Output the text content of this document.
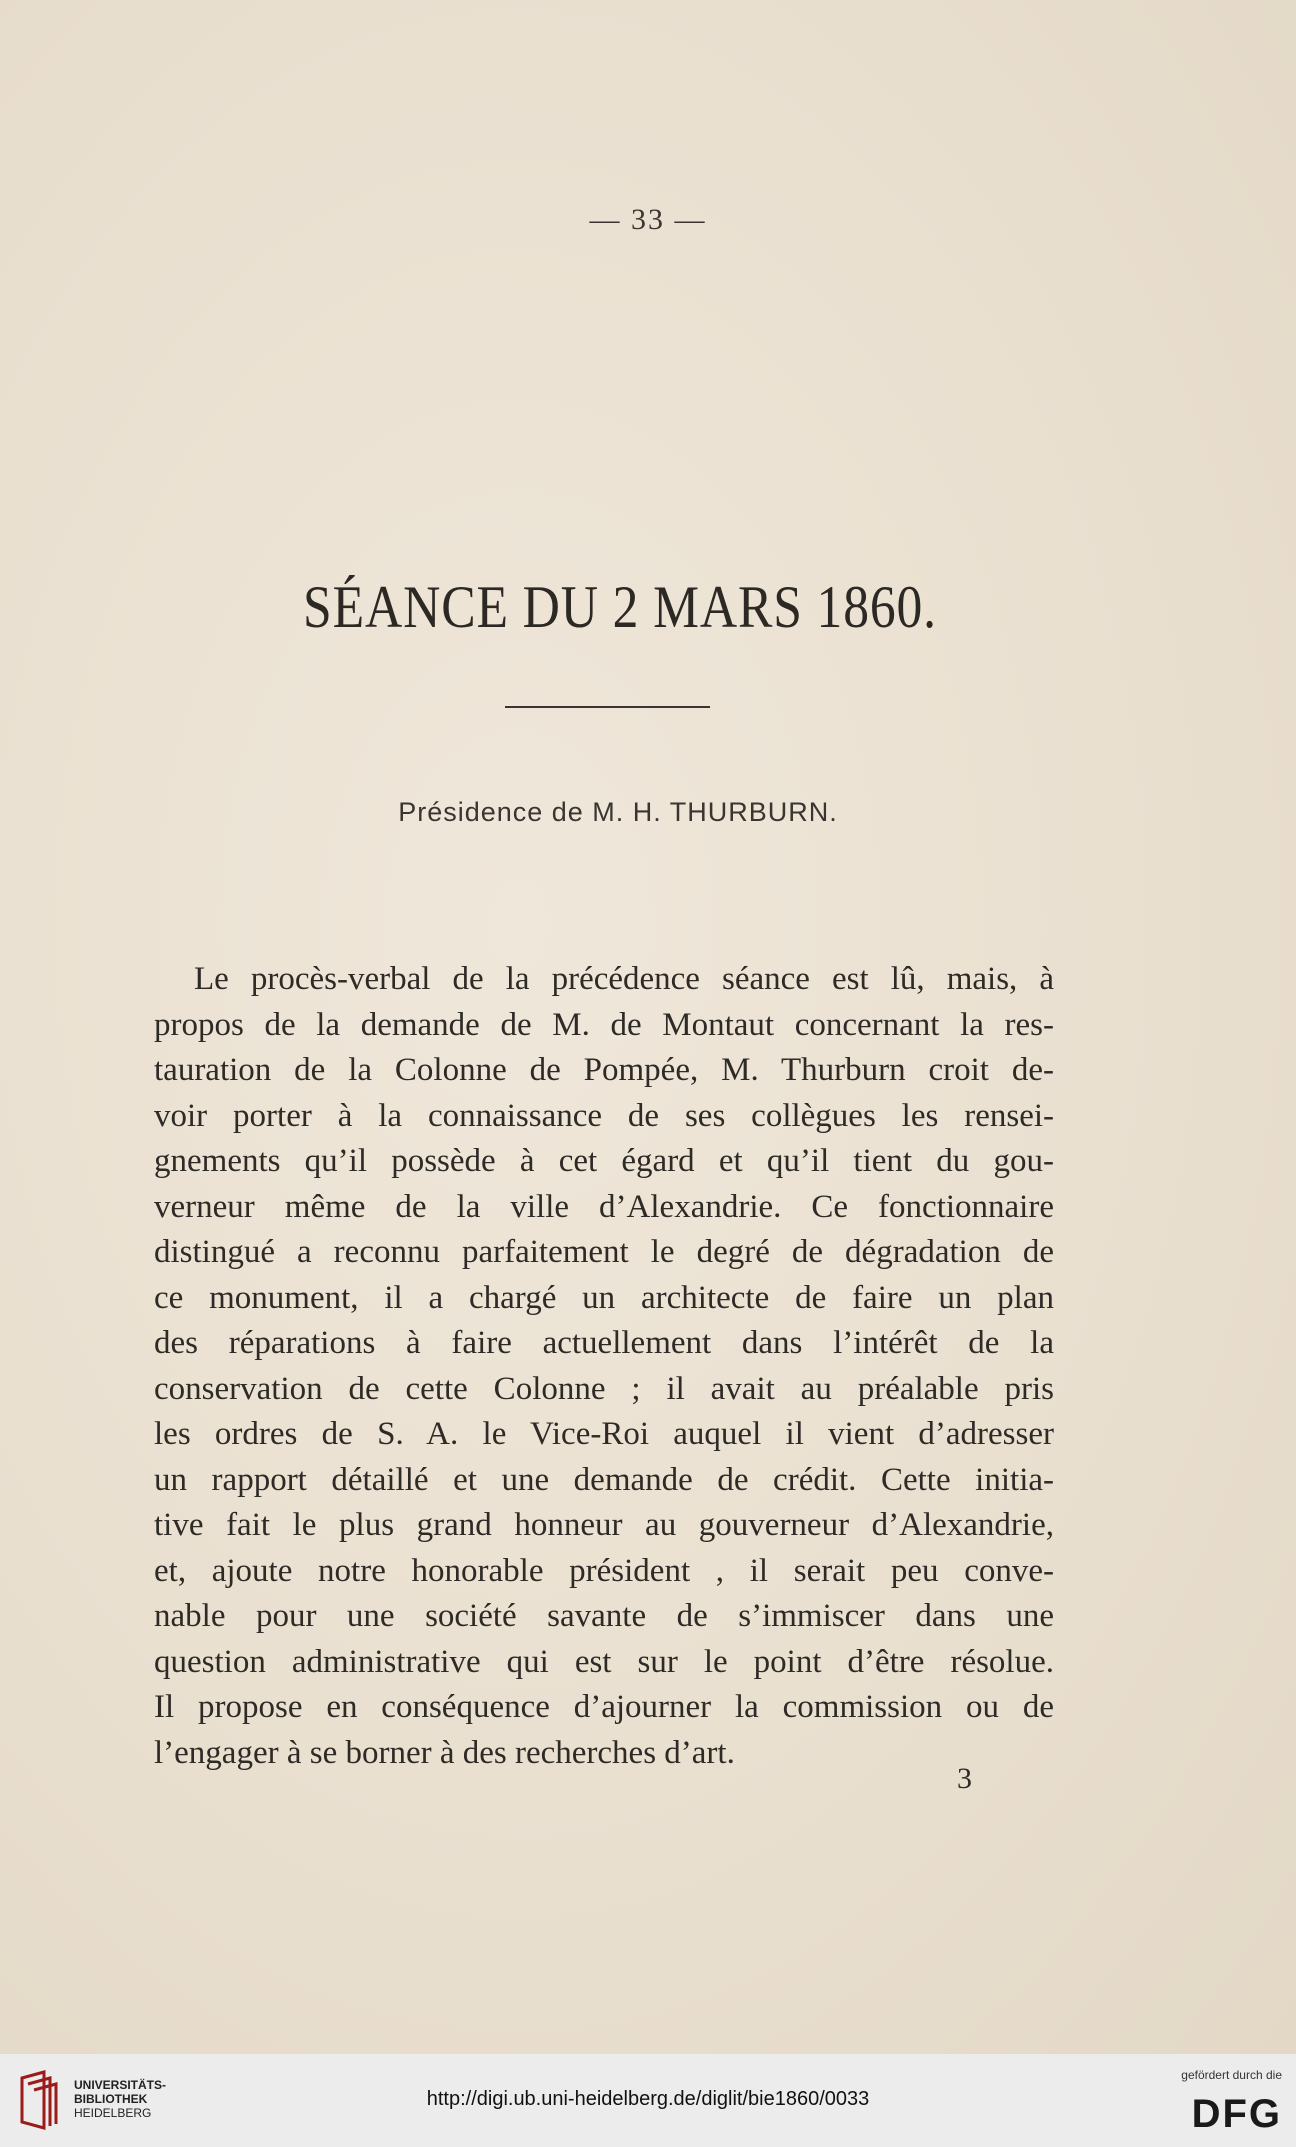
— 33 —
SÉANCE DU 2 MARS 1860.
Présidence de M. H. THURBURN.
Le procès-verbal de la précédence séance est lû, mais, à
propos de la demande de M. de Montaut concernant la res-
tauration de la Colonne de Pompée, M. Thurburn croit de-
voir porter à la connaissance de ses collègues les rensei-
gnements qu’il possède à cet égard et qu’il tient du gou-
verneur même de la ville d’Alexandrie. Ce fonctionnaire
distingué a reconnu parfaitement le degré de dégradation de
ce monument, il a chargé un architecte de faire un plan
des réparations à faire actuellement dans l’intérêt de la
conservation de cette Colonne ; il avait au préalable pris
les ordres de S. A. le Vice-Roi auquel il vient d’adresser
un rapport détaillé et une demande de crédit. Cette initia-
tive fait le plus grand honneur au gouverneur d’Alexandrie,
et, ajoute notre honorable président , il serait peu conve-
nable pour une société savante de s’immiscer dans une
question administrative qui est sur le point d’être résolue.
Il propose en conséquence d’ajourner la commission ou de
l’engager à se borner à des recherches d’art.
3
UNIVERSITÄTS-
BIBLIOTHEK
HEIDELBERG
http://digi.ub.uni-heidelberg.de/diglit/bie1860/0033
gefördert durch die
DFG
